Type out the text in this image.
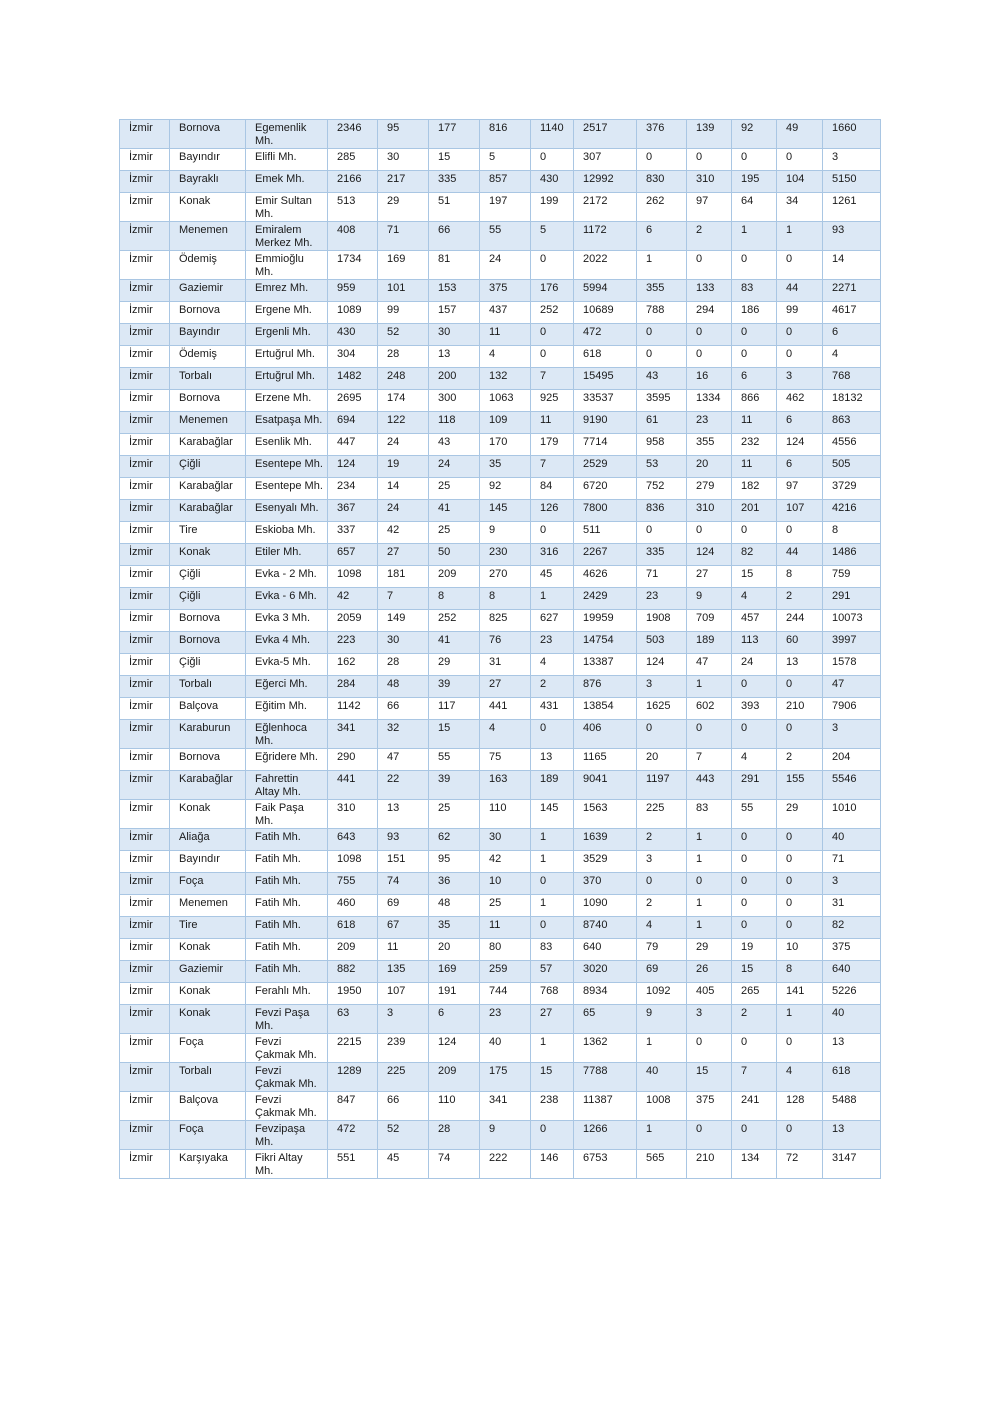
İzmir	Bornova	Egemenlik Mh.	2346	95	177	816	1140	2517	376	139	92	49	1660
İzmir	Bayındır	Elifli Mh.	285	30	15	5	0	307	0	0	0	0	3
İzmir	Bayraklı	Emek Mh.	2166	217	335	857	430	12992	830	310	195	104	5150
İzmir	Konak	Emir Sultan Mh.	513	29	51	197	199	2172	262	97	64	34	1261
İzmir	Menemen	Emiralem Merkez Mh.	408	71	66	55	5	1172	6	2	1	1	93
İzmir	Ödemiş	Emmioğlu Mh.	1734	169	81	24	0	2022	1	0	0	0	14
İzmir	Gaziemir	Emrez Mh.	959	101	153	375	176	5994	355	133	83	44	2271
İzmir	Bornova	Ergene Mh.	1089	99	157	437	252	10689	788	294	186	99	4617
İzmir	Bayındır	Ergenli Mh.	430	52	30	11	0	472	0	0	0	0	6
İzmir	Ödemiş	Ertuğrul Mh.	304	28	13	4	0	618	0	0	0	0	4
İzmir	Torbalı	Ertuğrul Mh.	1482	248	200	132	7	15495	43	16	6	3	768
İzmir	Bornova	Erzene Mh.	2695	174	300	1063	925	33537	3595	1334	866	462	18132
İzmir	Menemen	Esatpaşa Mh.	694	122	118	109	11	9190	61	23	11	6	863
İzmir	Karabağlar	Esenlik Mh.	447	24	43	170	179	7714	958	355	232	124	4556
İzmir	Çiğli	Esentepe Mh.	124	19	24	35	7	2529	53	20	11	6	505
İzmir	Karabağlar	Esentepe Mh.	234	14	25	92	84	6720	752	279	182	97	3729
İzmir	Karabağlar	Esenyalı Mh.	367	24	41	145	126	7800	836	310	201	107	4216
İzmir	Tire	Eskioba Mh.	337	42	25	9	0	511	0	0	0	0	8
İzmir	Konak	Etiler Mh.	657	27	50	230	316	2267	335	124	82	44	1486
İzmir	Çiğli	Evka - 2 Mh.	1098	181	209	270	45	4626	71	27	15	8	759
İzmir	Çiğli	Evka - 6 Mh.	42	7	8	8	1	2429	23	9	4	2	291
İzmir	Bornova	Evka 3 Mh.	2059	149	252	825	627	19959	1908	709	457	244	10073
İzmir	Bornova	Evka 4 Mh.	223	30	41	76	23	14754	503	189	113	60	3997
İzmir	Çiğli	Evka-5 Mh.	162	28	29	31	4	13387	124	47	24	13	1578
İzmir	Torbalı	Eğerci Mh.	284	48	39	27	2	876	3	1	0	0	47
İzmir	Balçova	Eğitim Mh.	1142	66	117	441	431	13854	1625	602	393	210	7906
İzmir	Karaburun	Eğlenhoca Mh.	341	32	15	4	0	406	0	0	0	0	3
İzmir	Bornova	Eğridere Mh.	290	47	55	75	13	1165	20	7	4	2	204
İzmir	Karabağlar	Fahrettin Altay Mh.	441	22	39	163	189	9041	1197	443	291	155	5546
İzmir	Konak	Faik Paşa Mh.	310	13	25	110	145	1563	225	83	55	29	1010
İzmir	Aliağa	Fatih Mh.	643	93	62	30	1	1639	2	1	0	0	40
İzmir	Bayındır	Fatih Mh.	1098	151	95	42	1	3529	3	1	0	0	71
İzmir	Foça	Fatih Mh.	755	74	36	10	0	370	0	0	0	0	3
İzmir	Menemen	Fatih Mh.	460	69	48	25	1	1090	2	1	0	0	31
İzmir	Tire	Fatih Mh.	618	67	35	11	0	8740	4	1	0	0	82
İzmir	Konak	Fatih Mh.	209	11	20	80	83	640	79	29	19	10	375
İzmir	Gaziemir	Fatih Mh.	882	135	169	259	57	3020	69	26	15	8	640
İzmir	Konak	Ferahlı Mh.	1950	107	191	744	768	8934	1092	405	265	141	5226
İzmir	Konak	Fevzi Paşa Mh.	63	3	6	23	27	65	9	3	2	1	40
İzmir	Foça	Fevzi Çakmak Mh.	2215	239	124	40	1	1362	1	0	0	0	13
İzmir	Torbalı	Fevzi Çakmak Mh.	1289	225	209	175	15	7788	40	15	7	4	618
İzmir	Balçova	Fevzi Çakmak Mh.	847	66	110	341	238	11387	1008	375	241	128	5488
İzmir	Foça	Fevzipaşa Mh.	472	52	28	9	0	1266	1	0	0	0	13
İzmir	Karşıyaka	Fikri Altay Mh.	551	45	74	222	146	6753	565	210	134	72	3147
